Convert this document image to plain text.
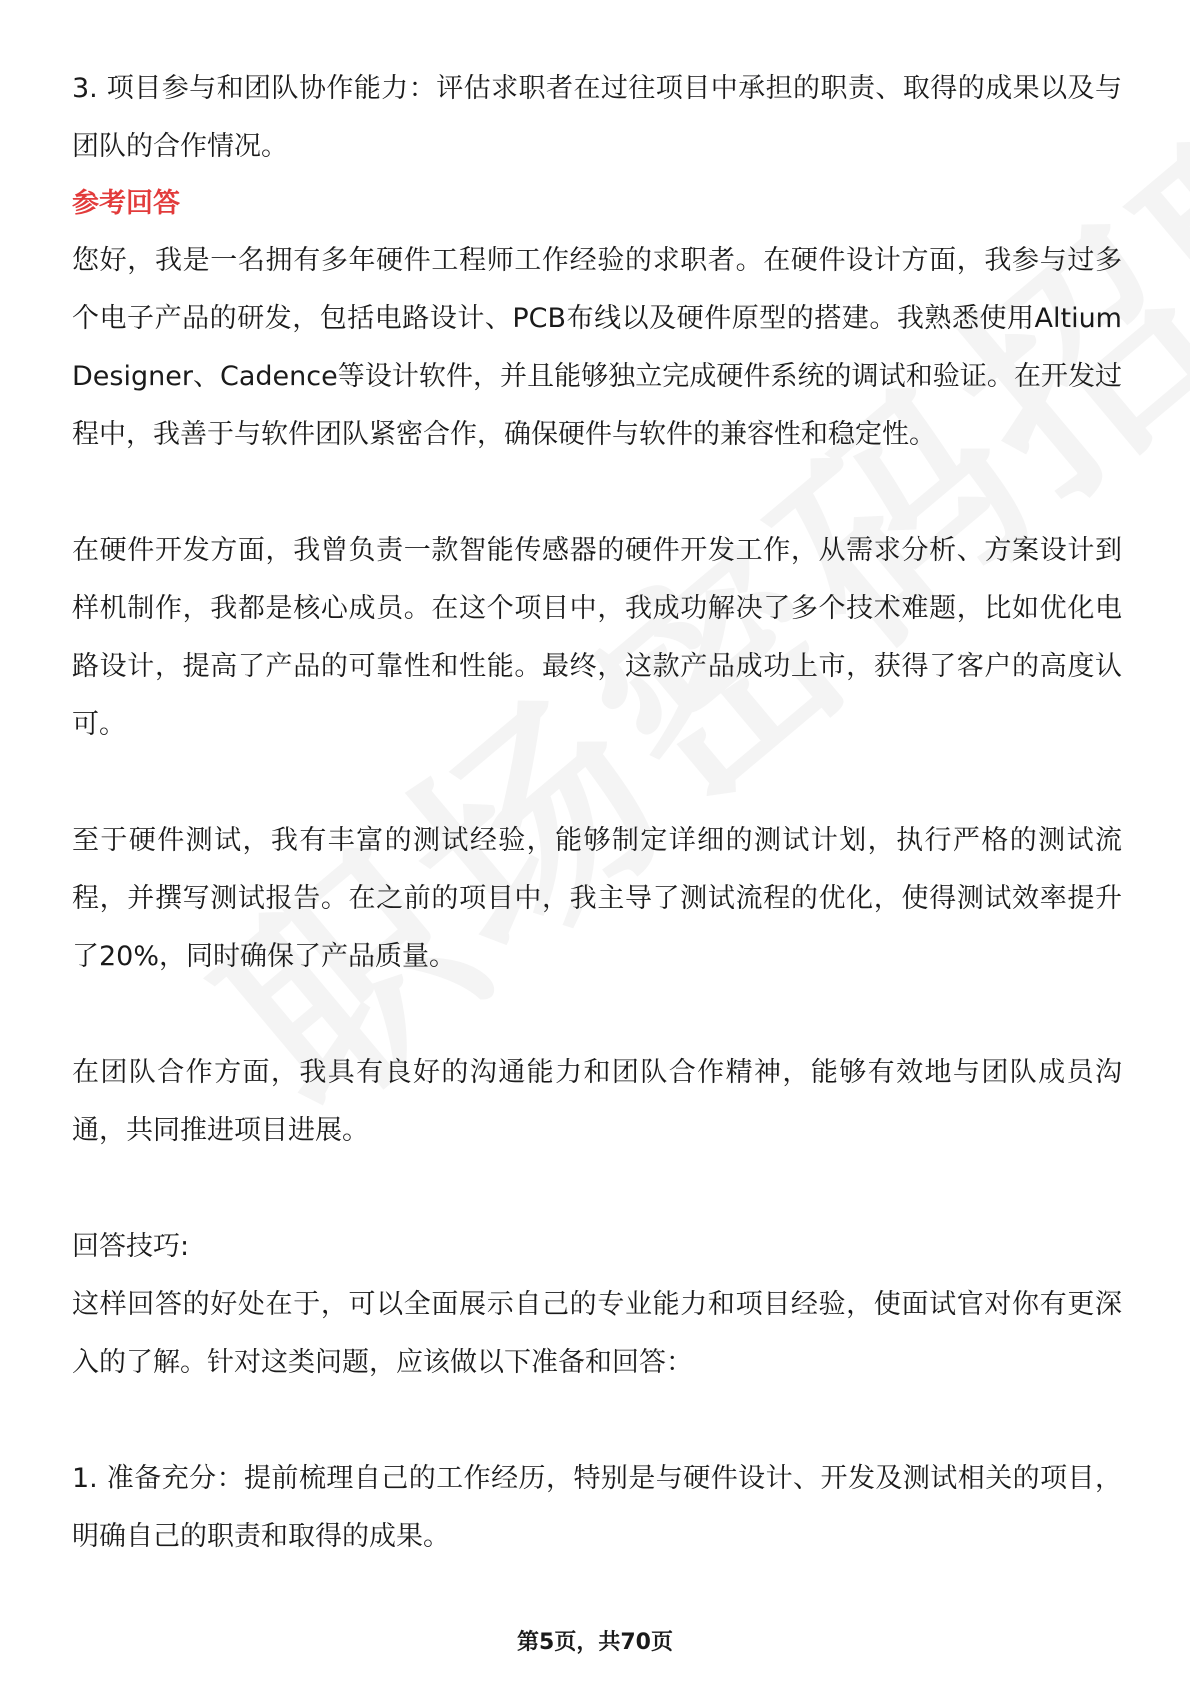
3. 项目参与和团队协作能力：评估求职者在过往项目中承担的职责、取得的成果以及与团队的合作情况。

参考回答

您好，我是一名拥有多年硬件工程师工作经验的求职者。在硬件设计方面，我参与过多个电子产品的研发，包括电路设计、PCB布线以及硬件原型的搭建。我熟悉使用Altium Designer、Cadence等设计软件，并且能够独立完成硬件系统的调试和验证。在开发过程中，我善于与软件团队紧密合作，确保硬件与软件的兼容性和稳定性。

在硬件开发方面，我曾负责一款智能传感器的硬件开发工作，从需求分析、方案设计到样机制作，我都是核心成员。在这个项目中，我成功解决了多个技术难题，比如优化电路设计，提高了产品的可靠性和性能。最终，这款产品成功上市，获得了客户的高度认可。

至于硬件测试，我有丰富的测试经验，能够制定详细的测试计划，执行严格的测试流程，并撰写测试报告。在之前的项目中，我主导了测试流程的优化，使得测试效率提升了20%，同时确保了产品质量。

在团队合作方面，我具有良好的沟通能力和团队合作精神，能够有效地与团队成员沟通，共同推进项目进展。

回答技巧:

这样回答的好处在于，可以全面展示自己的专业能力和项目经验，使面试官对你有更深入的了解。针对这类问题，应该做以下准备和回答：

1. 准备充分：提前梳理自己的工作经历，特别是与硬件设计、开发及测试相关的项目，明确自己的职责和取得的成果。

第5页，共70页
